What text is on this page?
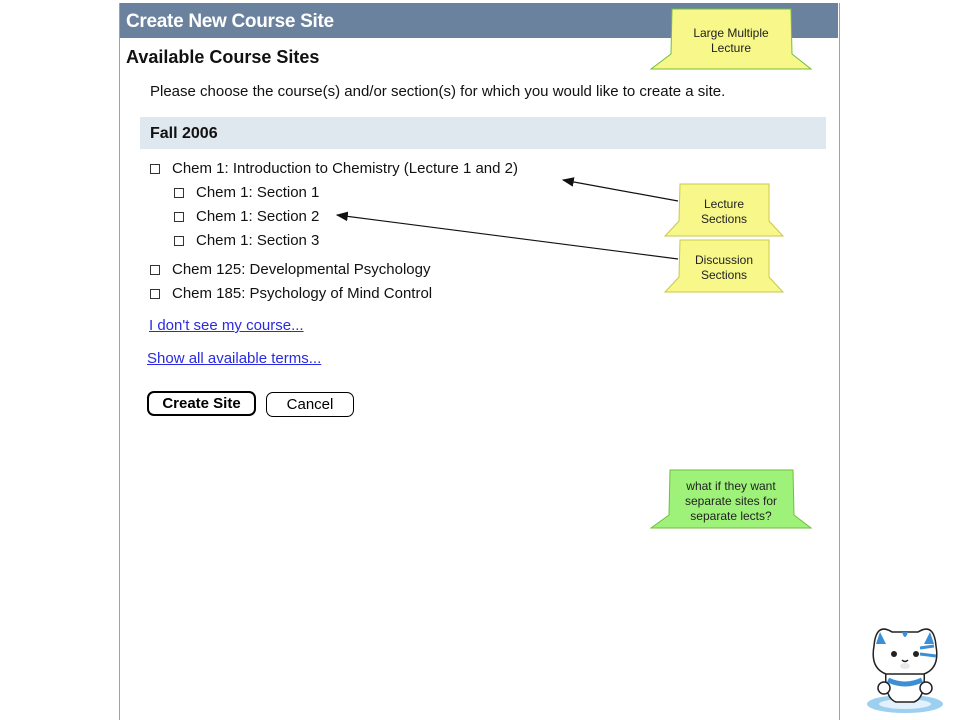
Create New Course Site
Available Course Sites
Please choose the course(s) and/or section(s) for which you would like to create a site.
Fall 2006
Chem 1: Introduction to Chemistry (Lecture 1 and 2)
Chem 1: Section 1
Chem 1: Section 2
Chem 1: Section 3
Chem 125: Developmental Psychology
Chem 185: Psychology of Mind Control
I don't see my course...
Show all available terms...
Create Site	Cancel
Large Multiple
Lecture
Lecture
Sections
Discussion
Sections
what if they want
separate sites for
separate lects?
